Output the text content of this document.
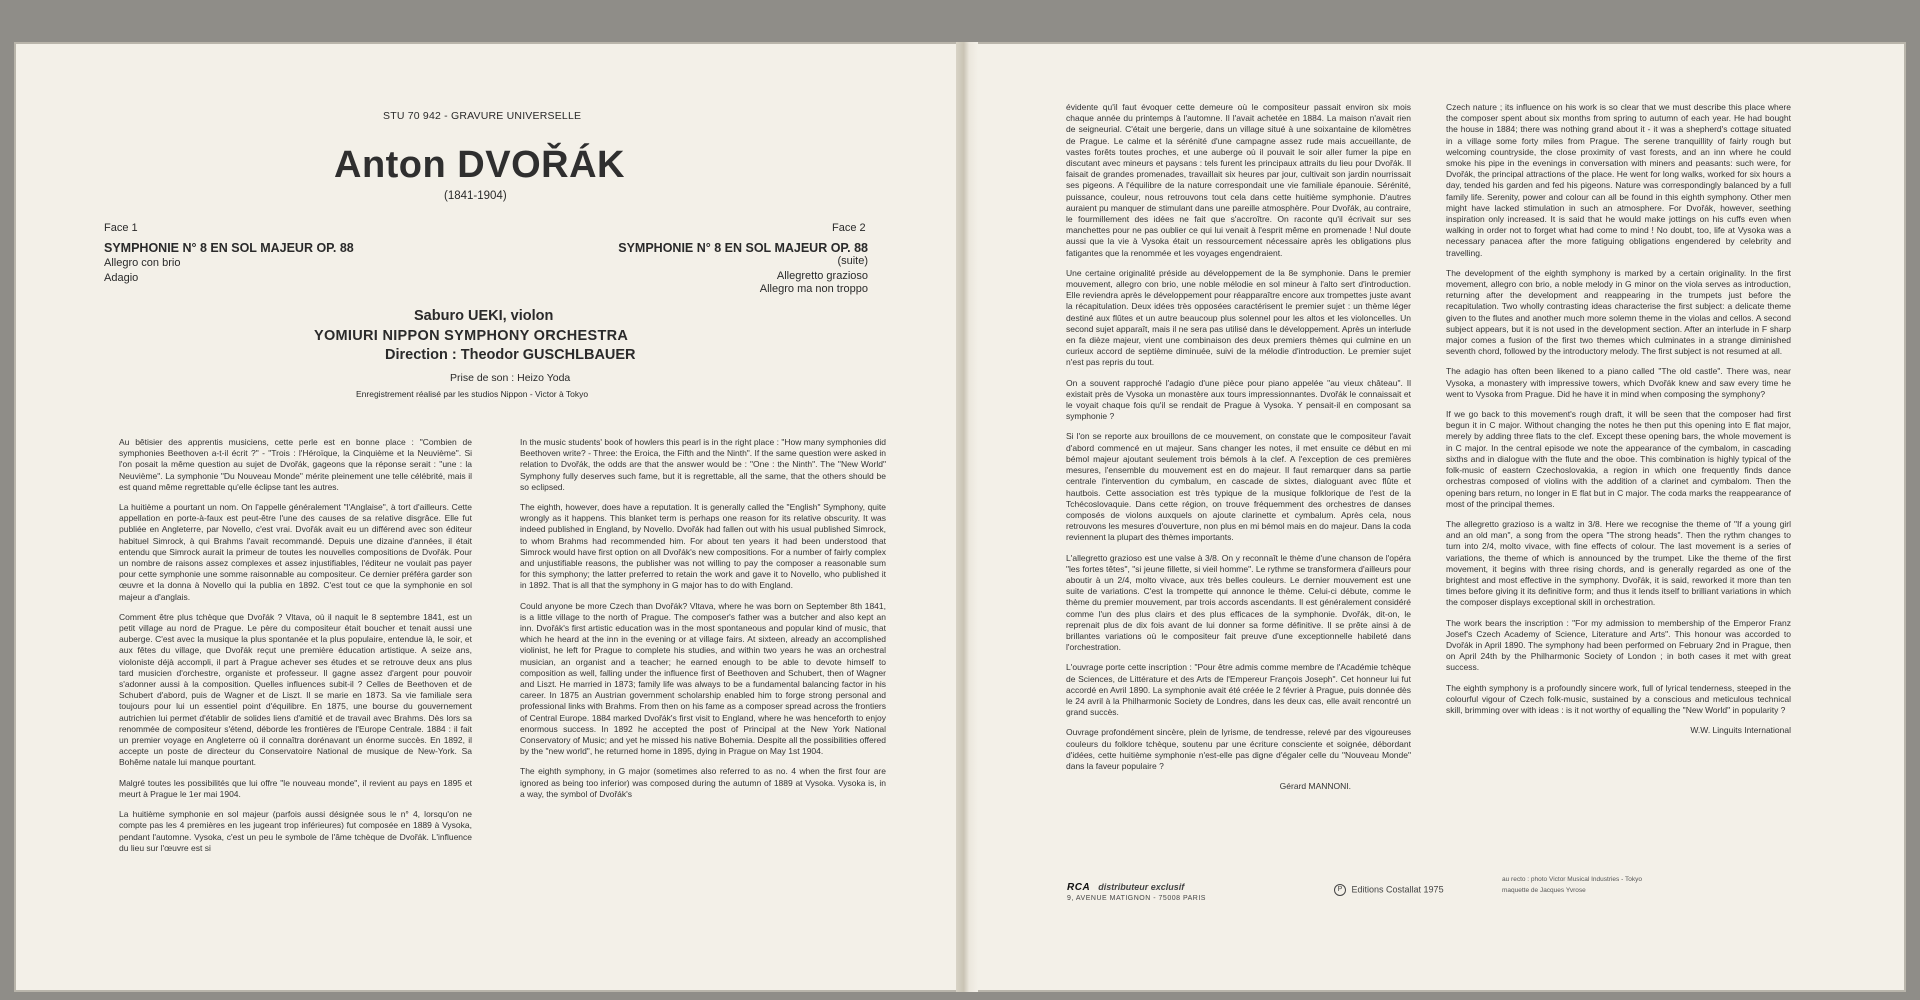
STU 70 942 - GRAVURE UNIVERSELLE
Anton DVOŘÁK
(1841-1904)
Face 1	Face 2
SYMPHONIE N° 8 EN SOL MAJEUR OP. 88	SYMPHONIE N° 8 EN SOL MAJEUR OP. 88
(suite)
Allegro con brio
Adagio	Allegretto grazioso
Allegro ma non troppo
Saburo UEKI, violon
YOMIURI NIPPON SYMPHONY ORCHESTRA
Direction : Theodor GUSCHLBAUER
Prise de son : Heizo Yoda
Enregistrement réalisé par les studios Nippon - Victor à Tokyo

Au bêtisier des apprentis musiciens, cette perle est en bonne place : "Combien de symphonies Beethoven a-t-il écrit ?" - "Trois : l'Héroïque, la Cinquième et la Neuvième". Si l'on posait la même question au sujet de Dvořák, gageons que la réponse serait : "une : la Neuvième". La symphonie "Du Nouveau Monde" mérite pleinement une telle célébrité, mais il est quand même regrettable qu'elle éclipse tant les autres.

La huitième a pourtant un nom. On l'appelle généralement "l'Anglaise", à tort d'ailleurs. Cette appellation en porte-à-faux est peut-être l'une des causes de sa relative disgrâce. Elle fut publiée en Angleterre, par Novello, c'est vrai. Dvořák avait eu un différend avec son éditeur habituel Simrock, à qui Brahms l'avait recommandé. Depuis une dizaine d'années, il était entendu que Simrock aurait la primeur de toutes les nouvelles compositions de Dvořák. Pour un nombre de raisons assez complexes et assez injustifiables, l'éditeur ne voulait pas payer pour cette symphonie une somme raisonnable au compositeur. Ce dernier préféra garder son œuvre et la donna à Novello qui la publia en 1892. C'est tout ce que la symphonie en sol majeur a d'anglais.

Comment être plus tchèque que Dvořák ? Vltava, où il naquit le 8 septembre 1841, est un petit village au nord de Prague. Le père du compositeur était boucher et tenait aussi une auberge. C'est avec la musique la plus spontanée et la plus populaire, entendue là, le soir, et aux fêtes du village, que Dvořák reçut une première éducation artistique. A seize ans, violoniste déjà accompli, il part à Prague achever ses études et se retrouve deux ans plus tard musicien d'orchestre, organiste et professeur. Il gagne assez d'argent pour pouvoir s'adonner aussi à la composition. Quelles influences subit-il ? Celles de Beethoven et de Schubert d'abord, puis de Wagner et de Liszt. Il se marie en 1873. Sa vie familiale sera toujours pour lui un essentiel point d'équilibre. En 1875, une bourse du gouvernement autrichien lui permet d'établir de solides liens d'amitié et de travail avec Brahms. Dès lors sa renommée de compositeur s'étend, déborde les frontières de l'Europe Centrale. 1884 : il fait un premier voyage en Angleterre où il connaîtra dorénavant un énorme succès. En 1892, il accepte un poste de directeur du Conservatoire National de musique de New-York. Sa Bohême natale lui manque pourtant.

Malgré toutes les possibilités que lui offre "le nouveau monde", il revient au pays en 1895 et meurt à Prague le 1er mai 1904.

La huitième symphonie en sol majeur (parfois aussi désignée sous le n° 4, lorsqu'on ne compte pas les 4 premières en les jugeant trop inférieures) fut composée en 1889 à Vysoka, pendant l'automne. Vysoka, c'est un peu le symbole de l'âme tchèque de Dvořák. L'influence du lieu sur l'œuvre est si

In the music students' book of howlers this pearl is in the right place : "How many symphonies did Beethoven write? - Three: the Eroica, the Fifth and the Ninth". If the same question were asked in relation to Dvořák, the odds are that the answer would be : "One : the Ninth". The "New World" Symphony fully deserves such fame, but it is regrettable, all the same, that the others should be so eclipsed.

The eighth, however, does have a reputation. It is generally called the "English" Symphony, quite wrongly as it happens. This blanket term is perhaps one reason for its relative obscurity. It was indeed published in England, by Novello. Dvořák had fallen out with his usual published Simrock, to whom Brahms had recommended him. For about ten years it had been understood that Simrock would have first option on all Dvořák's new compositions. For a number of fairly complex and unjustifiable reasons, the publisher was not willing to pay the composer a reasonable sum for this symphony; the latter preferred to retain the work and gave it to Novello, who published it in 1892. That is all that the symphony in G major has to do with England.

Could anyone be more Czech than Dvořák? Vltava, where he was born on September 8th 1841, is a little village to the north of Prague. The composer's father was a butcher and also kept an inn. Dvořák's first artistic education was in the most spontaneous and popular kind of music, that which he heard at the inn in the evening or at village fairs. At sixteen, already an accomplished violinist, he left for Prague to complete his studies, and within two years he was an orchestral musician, an organist and a teacher; he earned enough to be able to devote himself to composition as well, falling under the influence first of Beethoven and Schubert, then of Wagner and Liszt. He married in 1873; family life was always to be a fundamental balancing factor in his career. In 1875 an Austrian government scholarship enabled him to forge strong personal and professional links with Brahms. From then on his fame as a composer spread across the frontiers of Central Europe. 1884 marked Dvořák's first visit to England, where he was henceforth to enjoy enormous success. In 1892 he accepted the post of Principal at the New York National Conservatory of Music; and yet he missed his native Bohemia. Despite all the possibilities offered by the "new world", he returned home in 1895, dying in Prague on May 1st 1904.

The eighth symphony, in G major (sometimes also referred to as no. 4 when the first four are ignored as being too inferior) was composed during the autumn of 1889 at Vysoka. Vysoka is, in a way, the symbol of Dvořák's

évidente qu'il faut évoquer cette demeure où le compositeur passait environ six mois chaque année du printemps à l'automne. Il l'avait achetée en 1884. La maison n'avait rien de seigneurial. C'était une bergerie, dans un village situé à une soixantaine de kilomètres de Prague. Le calme et la sérénité d'une campagne assez rude mais accueillante, de vastes forêts toutes proches, et une auberge où il pouvait le soir aller fumer la pipe en discutant avec mineurs et paysans : tels furent les principaux attraits du lieu pour Dvořák. Il faisait de grandes promenades, travaillait six heures par jour, cultivait son jardin nourrissait ses pigeons. A l'équilibre de la nature correspondait une vie familiale épanouie. Sérénité, puissance, couleur, nous retrouvons tout cela dans cette huitième symphonie. D'autres auraient pu manquer de stimulant dans une pareille atmosphère. Pour Dvořák, au contraire, le fourmillement des idées ne fait que s'accroître. On raconte qu'il écrivait sur ses manchettes pour ne pas oublier ce qui lui venait à l'esprit même en promenade ! Nul doute aussi que la vie à Vysoka était un ressourcement nécessaire après les obligations plus fatigantes que la renommée et les voyages engendraient.

Une certaine originalité préside au développement de la 8e symphonie. Dans le premier mouvement, allegro con brio, une noble mélodie en sol mineur à l'alto sert d'introduction. Elle reviendra après le développement pour réapparaître encore aux trompettes juste avant la récapitulation. Deux idées très opposées caractérisent le premier sujet : un thème léger destiné aux flûtes et un autre beaucoup plus solennel pour les altos et les violoncelles. Un second sujet apparaît, mais il ne sera pas utilisé dans le développement. Après un interlude en fa dièze majeur, vient une combinaison des deux premiers thèmes qui culmine en un curieux accord de septième diminuée, suivi de la mélodie d'introduction. Le premier sujet n'est pas repris du tout.

On a souvent rapproché l'adagio d'une pièce pour piano appelée "au vieux château". Il existait près de Vysoka un monastère aux tours impressionnantes. Dvořák le connaissait et le voyait chaque fois qu'il se rendait de Prague à Vysoka. Y pensait-il en composant sa symphonie ?

Si l'on se reporte aux brouillons de ce mouvement, on constate que le compositeur l'avait d'abord commencé en ut majeur. Sans changer les notes, il met ensuite ce début en mi bémol majeur ajoutant seulement trois bémols à la clef. A l'exception de ces premières mesures, l'ensemble du mouvement est en do majeur. Il faut remarquer dans sa partie centrale l'intervention du cymbalum, en cascade de sixtes, dialoguant avec flûte et hautbois. Cette association est très typique de la musique folklorique de l'est de la Tchécoslovaquie. Dans cette région, on trouve fréquemment des orchestres de danses composés de violons auxquels on ajoute clarinette et cymbalum. Après cela, nous retrouvons les mesures d'ouverture, non plus en mi bémol mais en do majeur. Dans la coda reviennent la plupart des thèmes importants.

L'allegretto grazioso est une valse à 3/8. On y reconnaît le thème d'une chanson de l'opéra "les fortes têtes", "si jeune fillette, si vieil homme". Le rythme se transformera d'ailleurs pour aboutir à un 2/4, molto vivace, aux très belles couleurs. Le dernier mouvement est une suite de variations. C'est la trompette qui annonce le thème. Celui-ci débute, comme le thème du premier mouvement, par trois accords ascendants. Il est généralement considéré comme l'un des plus clairs et des plus efficaces de la symphonie. Dvořák, dit-on, le reprenait plus de dix fois avant de lui donner sa forme définitive. Il se prête ainsi à de brillantes variations où le compositeur fait preuve d'une exceptionnelle habileté dans l'orchestration.

L'ouvrage porte cette inscription : "Pour être admis comme membre de l'Académie tchèque de Sciences, de Littérature et des Arts de l'Empereur François Joseph". Cet honneur lui fut accordé en Avril 1890. La symphonie avait été créée le 2 février à Prague, puis donnée dès le 24 avril à la Philharmonic Society de Londres, dans les deux cas, elle avait rencontré un grand succès.

Ouvrage profondément sincère, plein de lyrisme, de tendresse, relevé par des vigoureuses couleurs du folklore tchèque, soutenu par une écriture consciente et soignée, débordant d'idées, cette huitième symphonie n'est-elle pas digne d'égaler celle du "Nouveau Monde" dans la faveur populaire ?

Gérard MANNONI.

Czech nature ; its influence on his work is so clear that we must describe this place where the composer spent about six months from spring to autumn of each year. He had bought the house in 1884; there was nothing grand about it - it was a shepherd's cottage situated in a village some forty miles from Prague. The serene tranquillity of fairly rough but welcoming countryside, the close proximity of vast forests, and an inn where he could smoke his pipe in the evenings in conversation with miners and peasants: such were, for Dvořák, the principal attractions of the place. He went for long walks, worked for six hours a day, tended his garden and fed his pigeons. Nature was correspondingly balanced by a full family life. Serenity, power and colour can all be found in this eighth symphony. Other men might have lacked stimulation in such an atmosphere. For Dvořák, however, seething inspiration only increased. It is said that he would make jottings on his cuffs even when walking in order not to forget what had come to mind ! No doubt, too, life at Vysoka was a necessary panacea after the more fatiguing obligations engendered by celebrity and travelling.

The development of the eighth symphony is marked by a certain originality. In the first movement, allegro con brio, a noble melody in G minor on the viola serves as introduction, returning after the development and reappearing in the trumpets just before the recapitulation. Two wholly contrasting ideas characterise the first subject: a delicate theme given to the flutes and another much more solemn theme in the violas and cellos. A second subject appears, but it is not used in the development section. After an interlude in F sharp major comes a fusion of the first two themes which culminates in a strange diminished seventh chord, followed by the introductory melody. The first subject is not resumed at all.

The adagio has often been likened to a piano called "The old castle". There was, near Vysoka, a monastery with impressive towers, which Dvořák knew and saw every time he went to Vysoka from Prague. Did he have it in mind when composing the symphony?

If we go back to this movement's rough draft, it will be seen that the composer had first begun it in C major. Without changing the notes he then put this opening into E flat major, merely by adding three flats to the clef. Except these opening bars, the whole movement is in C major. In the central episode we note the appearance of the cymbalom, in cascading sixths and in dialogue with the flute and the oboe. This combination is highly typical of the folk-music of eastern Czechoslovakia, a region in which one frequently finds dance orchestras composed of violins with the addition of a clarinet and cymbalom. Then the opening bars return, no longer in E flat but in C major. The coda marks the reappearance of most of the principal themes.

The allegretto grazioso is a waltz in 3/8. Here we recognise the theme of "If a young girl and an old man", a song from the opera "The strong heads". Then the rythm changes to turn into 2/4, molto vivace, with fine effects of colour. The last movement is a series of variations, the theme of which is announced by the trumpet. Like the theme of the first movement, it begins with three rising chords, and is generally regarded as one of the brightest and most effective in the symphony. Dvořák, it is said, reworked it more than ten times before giving it its definitive form; and thus it lends itself to brilliant variations in which the composer displays exceptional skill in orchestration.

The work bears the inscription : "For my admission to membership of the Emperor Franz Josef's Czech Academy of Science, Literature and Arts". This honour was accorded to Dvořák in April 1890. The symphony had been performed on February 2nd in Prague, then on April 24th by the Philharmonic Society of London ; in both cases it met with great success.

The eighth symphony is a profoundly sincere work, full of lyrical tenderness, steeped in the colourful vigour of Czech folk-music, sustained by a conscious and meticulous technical skill, brimming over with ideas : is it not worthy of equalling the "New World" in popularity ?

W.W. Linguits International

RCA distributeur exclusif
9, AVENUE MATIGNON - 75008 PARIS
P Editions Costallat 1975
au recto : photo Victor Musical Industries - Tokyo
maquette de Jacques Yvrose
